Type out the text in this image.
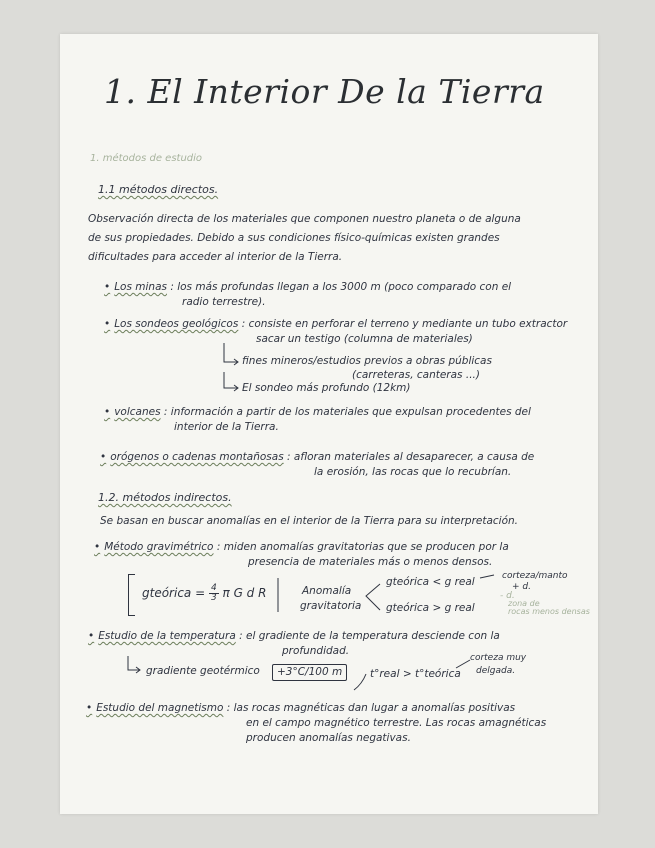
1. El Interior De la Tierra
1. métodos de estudio
1.1 métodos directos.
Observación directa de los materiales que componen nuestro planeta o de alguna
de sus propiedades. Debido a sus condiciones físico-químicas existen grandes
dificultades para acceder al interior de la Tierra.
• Los minas : los más profundas llegan a los 3000 m (poco comparado con el
radio terrestre).
• Los sondeos geológicos : consiste en perforar el terreno y mediante un tubo extractor
sacar un testigo (columna de materiales)
fines mineros/estudios previos a obras públicas
(carreteras, canteras ...)
El sondeo más profundo (12km)
• volcanes : información a partir de los materiales que expulsan procedentes del
interior de la Tierra.
• orógenos o cadenas montañosas : afloran materiales al desaparecer, a causa de
la erosión, las rocas que lo recubrían.
1.2. métodos indirectos.
Se basan en buscar anomalías en el interior de la Tierra para su interpretación.
• Método gravimétrico : miden anomalías gravitatorias que se producen por la
presencia de materiales más o menos densos.
gteórica = $\frac{4}{3}$ π G d R	Anomalía
gravitatoria
gteórica < g real
gteórica > g real
corteza/manto
+ d.
- d.
zona de
rocas menos densas
• Estudio de la temperatura : el gradiente de la temperatura desciende con la
profundidad.
gradiente geotérmico	+3°C/100 m	t°real > t°teórica
corteza muy
delgada.
• Estudio del magnetismo : las rocas magnéticas dan lugar a anomalías positivas
en el campo magnético terrestre. Las rocas amagnéticas
producen anomalías negativas.
